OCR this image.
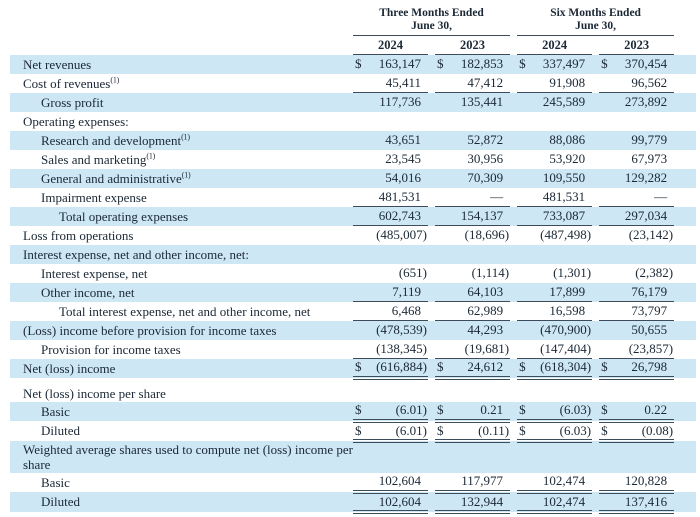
Three Months Ended
June 30,

Six Months Ended
June 30,

	2024			2023			2024			2023		
Net revenues	$	163,147		$	182,853		$	337,497		$	370,454	
Cost of revenues$^{(1)}$		45,411			47,412			91,908			96,562	
Gross profit		117,736			135,441			245,589			273,892	
Operating expenses:												
Research and development$^{(1)}$		43,651			52,872			88,086			99,779	
Sales and marketing$^{(1)}$		23,545			30,956			53,920			67,973	
General and administrative$^{(1)}$		54,016			70,309			109,550			129,282	
Impairment expense		481,531			—			481,531			—	
Total operating expenses		602,743			154,137			733,087			297,034	
Loss from operations		(485,007)			(18,696)			(487,498)			(23,142)	
Interest expense, net and other income, net:												
Interest expense, net		(651)			(1,114)			(1,301)			(2,382)	
Other income, net		7,119			64,103			17,899			76,179	
Total interest expense, net and other income, net		6,468			62,989			16,598			73,797	
(Loss) income before provision for income taxes		(478,539)			44,293			(470,900)			50,655	
Provision for income taxes		(138,345)			(19,681)			(147,404)			(23,857)	
Net (loss) income	$	(616,884)		$	24,612		$	(618,304)		$	26,798	
Net (loss) income per share												
Basic	$	(6.01)		$	0.21		$	(6.03)		$	0.22	
Diluted	$	(6.01)		$	(0.11)		$	(6.03)		$	(0.08)	
Weighted average shares used to compute net (loss) income per share												
Basic		102,604			117,977			102,474			120,828	
Diluted		102,604			132,944			102,474			137,416	
